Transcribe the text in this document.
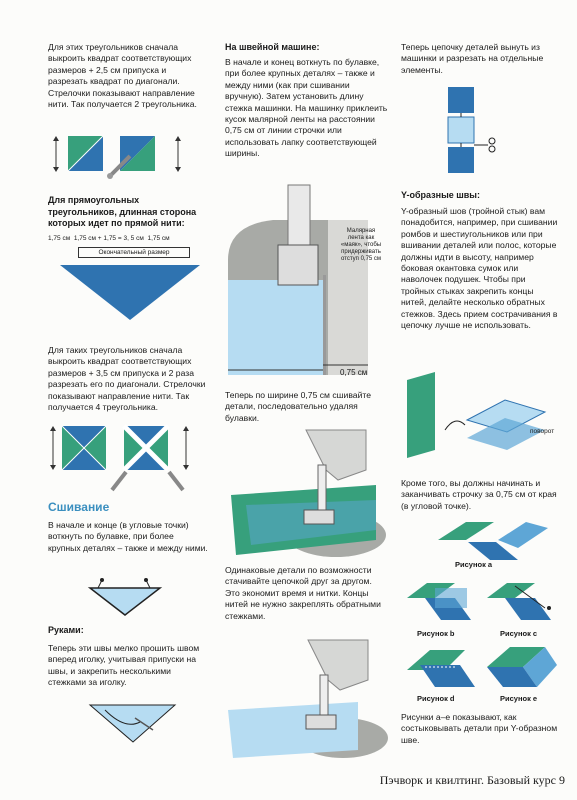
Для этих треугольников сначала выкроить квадрат соответствующих размеров + 2,5 см припуска и разрезать квадрат по диагонали. Стрелочки показывают направление нити. Так получается 2 треугольника.

Для прямоугольных треугольников, длинная сторона которых идет по прямой нити:
1,75 см 1,75 см + 1,75 = 3, 5 см 1,75 см
Окончательный размер

Для таких треугольников сначала выкроить квадрат соответствующих размеров + 3,5 см припуска и 2 раза разрезать его по диагонали. Стрелочки показывают направление нити. Так получается 4 треугольника.

Сшивание

В начале и конце (в угловые точки) воткнуть по булавке, при более крупных деталях – также и между ними.

Руками:

Теперь эти швы мелко прошить швом вперед иголку, учитывая припуски на швы, и закрепить несколькими стежками за иголку.

На швейной машине:

В начале и конец воткнуть по булавке, при более крупных деталях – также и между ними (как при сшивании вручную). Затем установить длину стежка машинки. На машинку приклеить кусок малярной ленты на расстоянии 0,75 см от линии строчки или использовать лапку соответствующей ширины.

Малярная лента как «маяк», чтобы придерживать отступ 0,75 см
0,75 см

Теперь по ширине 0,75 см сшивайте детали, последовательно удаляя булавки.

Одинаковые детали по возможности стачивайте цепочкой друг за другом. Это экономит время и нитки. Концы нитей не нужно закреплять обратными стежками.

Теперь цепочку деталей вынуть из машинки и разрезать на отдельные элементы.

Y-образные швы:

Y-образный шов (тройной стык) вам понадобится, например, при сшивании ромбов и шестиугольников или при вшивании деталей или полос, которые должны идти в высоту, например боковая окантовка сумок или наволочек подушек. Чтобы при тройных стыках закрепить концы нитей, делайте несколько обратных стежков. Здесь прием сострачивания в цепочку лучше не использовать.

поворот

Кроме того, вы должны начинать и заканчивать строчку за 0,75 см от края (в угловой точке).

Рисунок a
Рисунок b	Рисунок c
Рисунок d	Рисунок e

Рисунки a–e показывают, как состыковывать детали при Y-образном шве.

Пэчворк и квилтинг. Базовый курс 9
